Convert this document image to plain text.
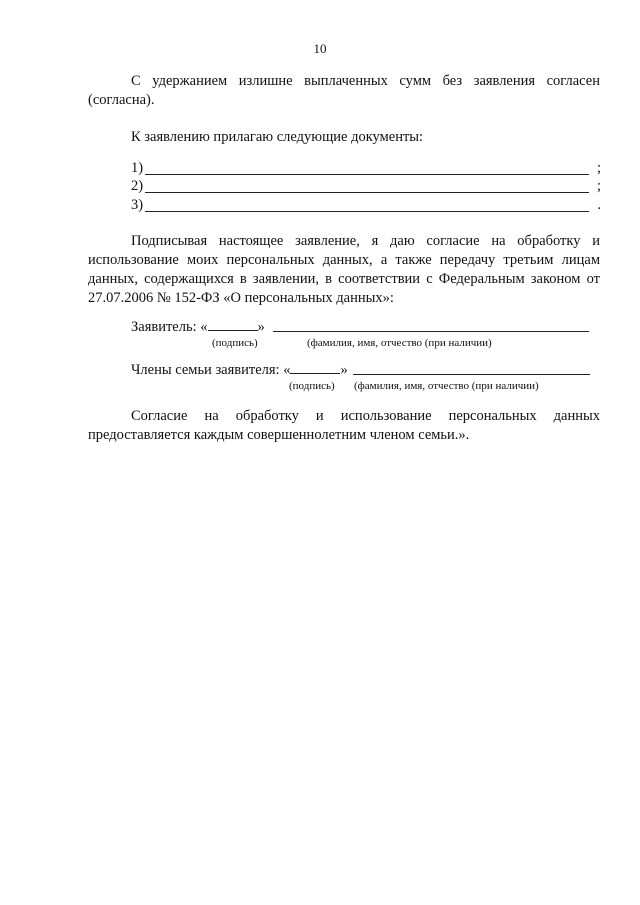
10
С удержанием излишне выплаченных сумм без заявления согласен (согласна).
К заявлению прилагаю следующие документы:
1)	;
2)	;
3)	.
Подписывая настоящее заявление, я даю согласие на обработку и использование моих персональных данных, а также передачу третьим лицам данных, содержащихся в заявлении, в соответствии с Федеральным законом от 27.07.2006 № 152-ФЗ «О персональных данных»:
Заявитель: «	»
(подпись)	(фамилия, имя, отчество (при наличии)
Члены семьи заявителя: «	»
(подпись) (фамилия, имя, отчество (при наличии)
Согласие на обработку и использование персональных данных предоставляется каждым совершеннолетним членом семьи.».
